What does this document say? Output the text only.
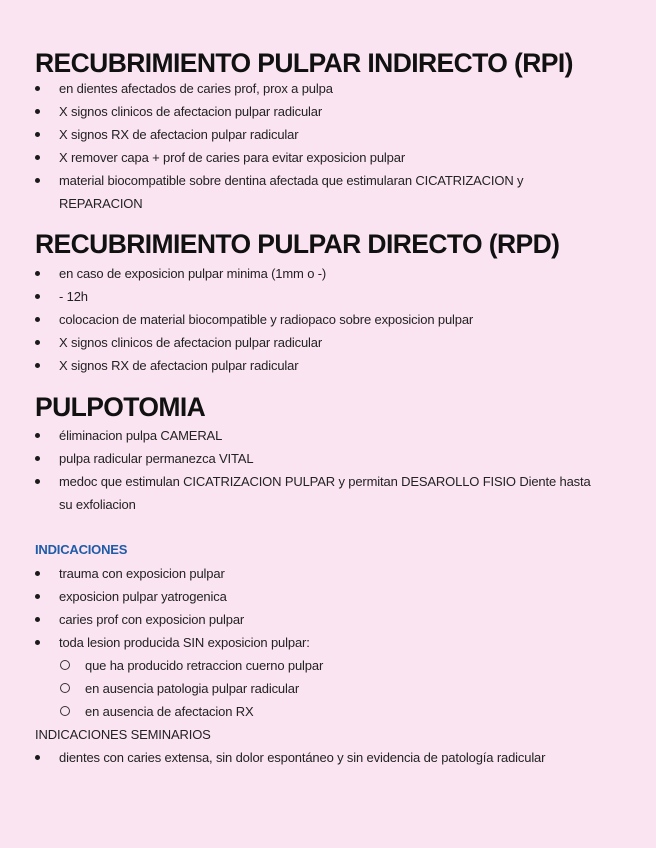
RECUBRIMIENTO PULPAR INDIRECTO (RPI)
en dientes afectados de caries prof, prox a pulpa
X signos clinicos de afectacion pulpar radicular
X signos RX de afectacion pulpar radicular
X remover capa + prof de caries para evitar exposicion pulpar
material biocompatible sobre dentina afectada que estimularan CICATRIZACION y REPARACION
RECUBRIMIENTO PULPAR DIRECTO (RPD)
en caso de exposicion pulpar minima (1mm o -)
- 12h
colocacion de material biocompatible y radiopaco sobre exposicion pulpar
X signos clinicos de afectacion pulpar radicular
X signos RX de afectacion pulpar radicular
PULPOTOMIA
éliminacion pulpa CAMERAL
pulpa radicular permanezca VITAL
medoc que estimulan CICATRIZACION PULPAR y permitan DESAROLLO FISIO Diente hasta su exfoliacion
INDICACIONES
trauma con exposicion pulpar
exposicion pulpar yatrogenica
caries prof con exposicion pulpar
toda lesion producida SIN exposicion pulpar:
que ha producido retraccion cuerno pulpar
en ausencia patologia pulpar radicular
en ausencia de afectacion RX
INDICACIONES SEMINARIOS
dientes con caries extensa, sin dolor espontáneo y sin evidencia de patología radicular
